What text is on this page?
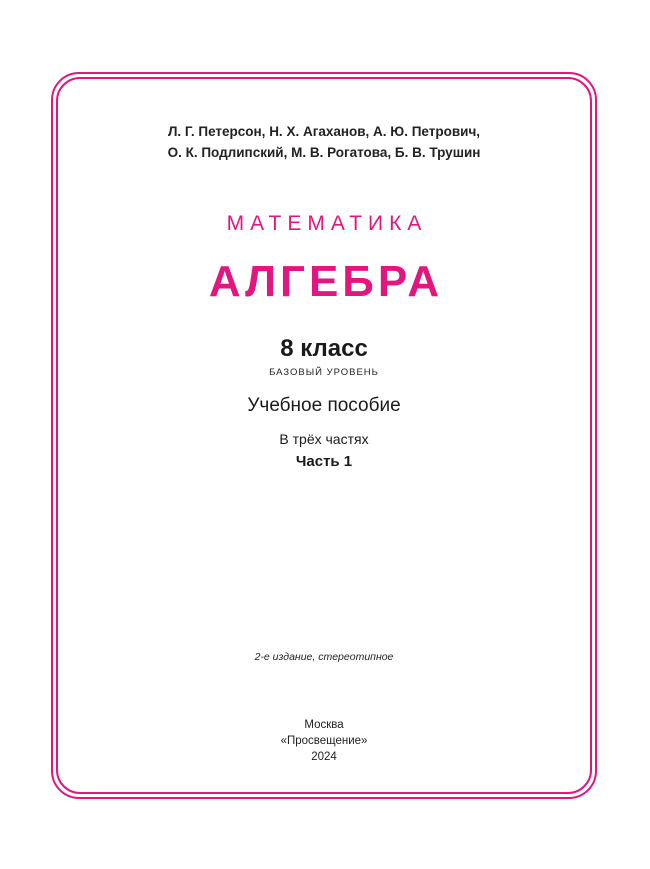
Л. Г. Петерсон, Н. Х. Агаханов, А. Ю. Петрович,
О. К. Подлипский, М. В. Рогатова, Б. В. Трушин
МАТЕМАТИКА
АЛГЕБРА
8 класс
БАЗОВЫЙ УРОВЕНЬ
Учебное пособие
В трёх частях
Часть 1
2-е издание, стереотипное
Москва
«Просвещение»
2024
